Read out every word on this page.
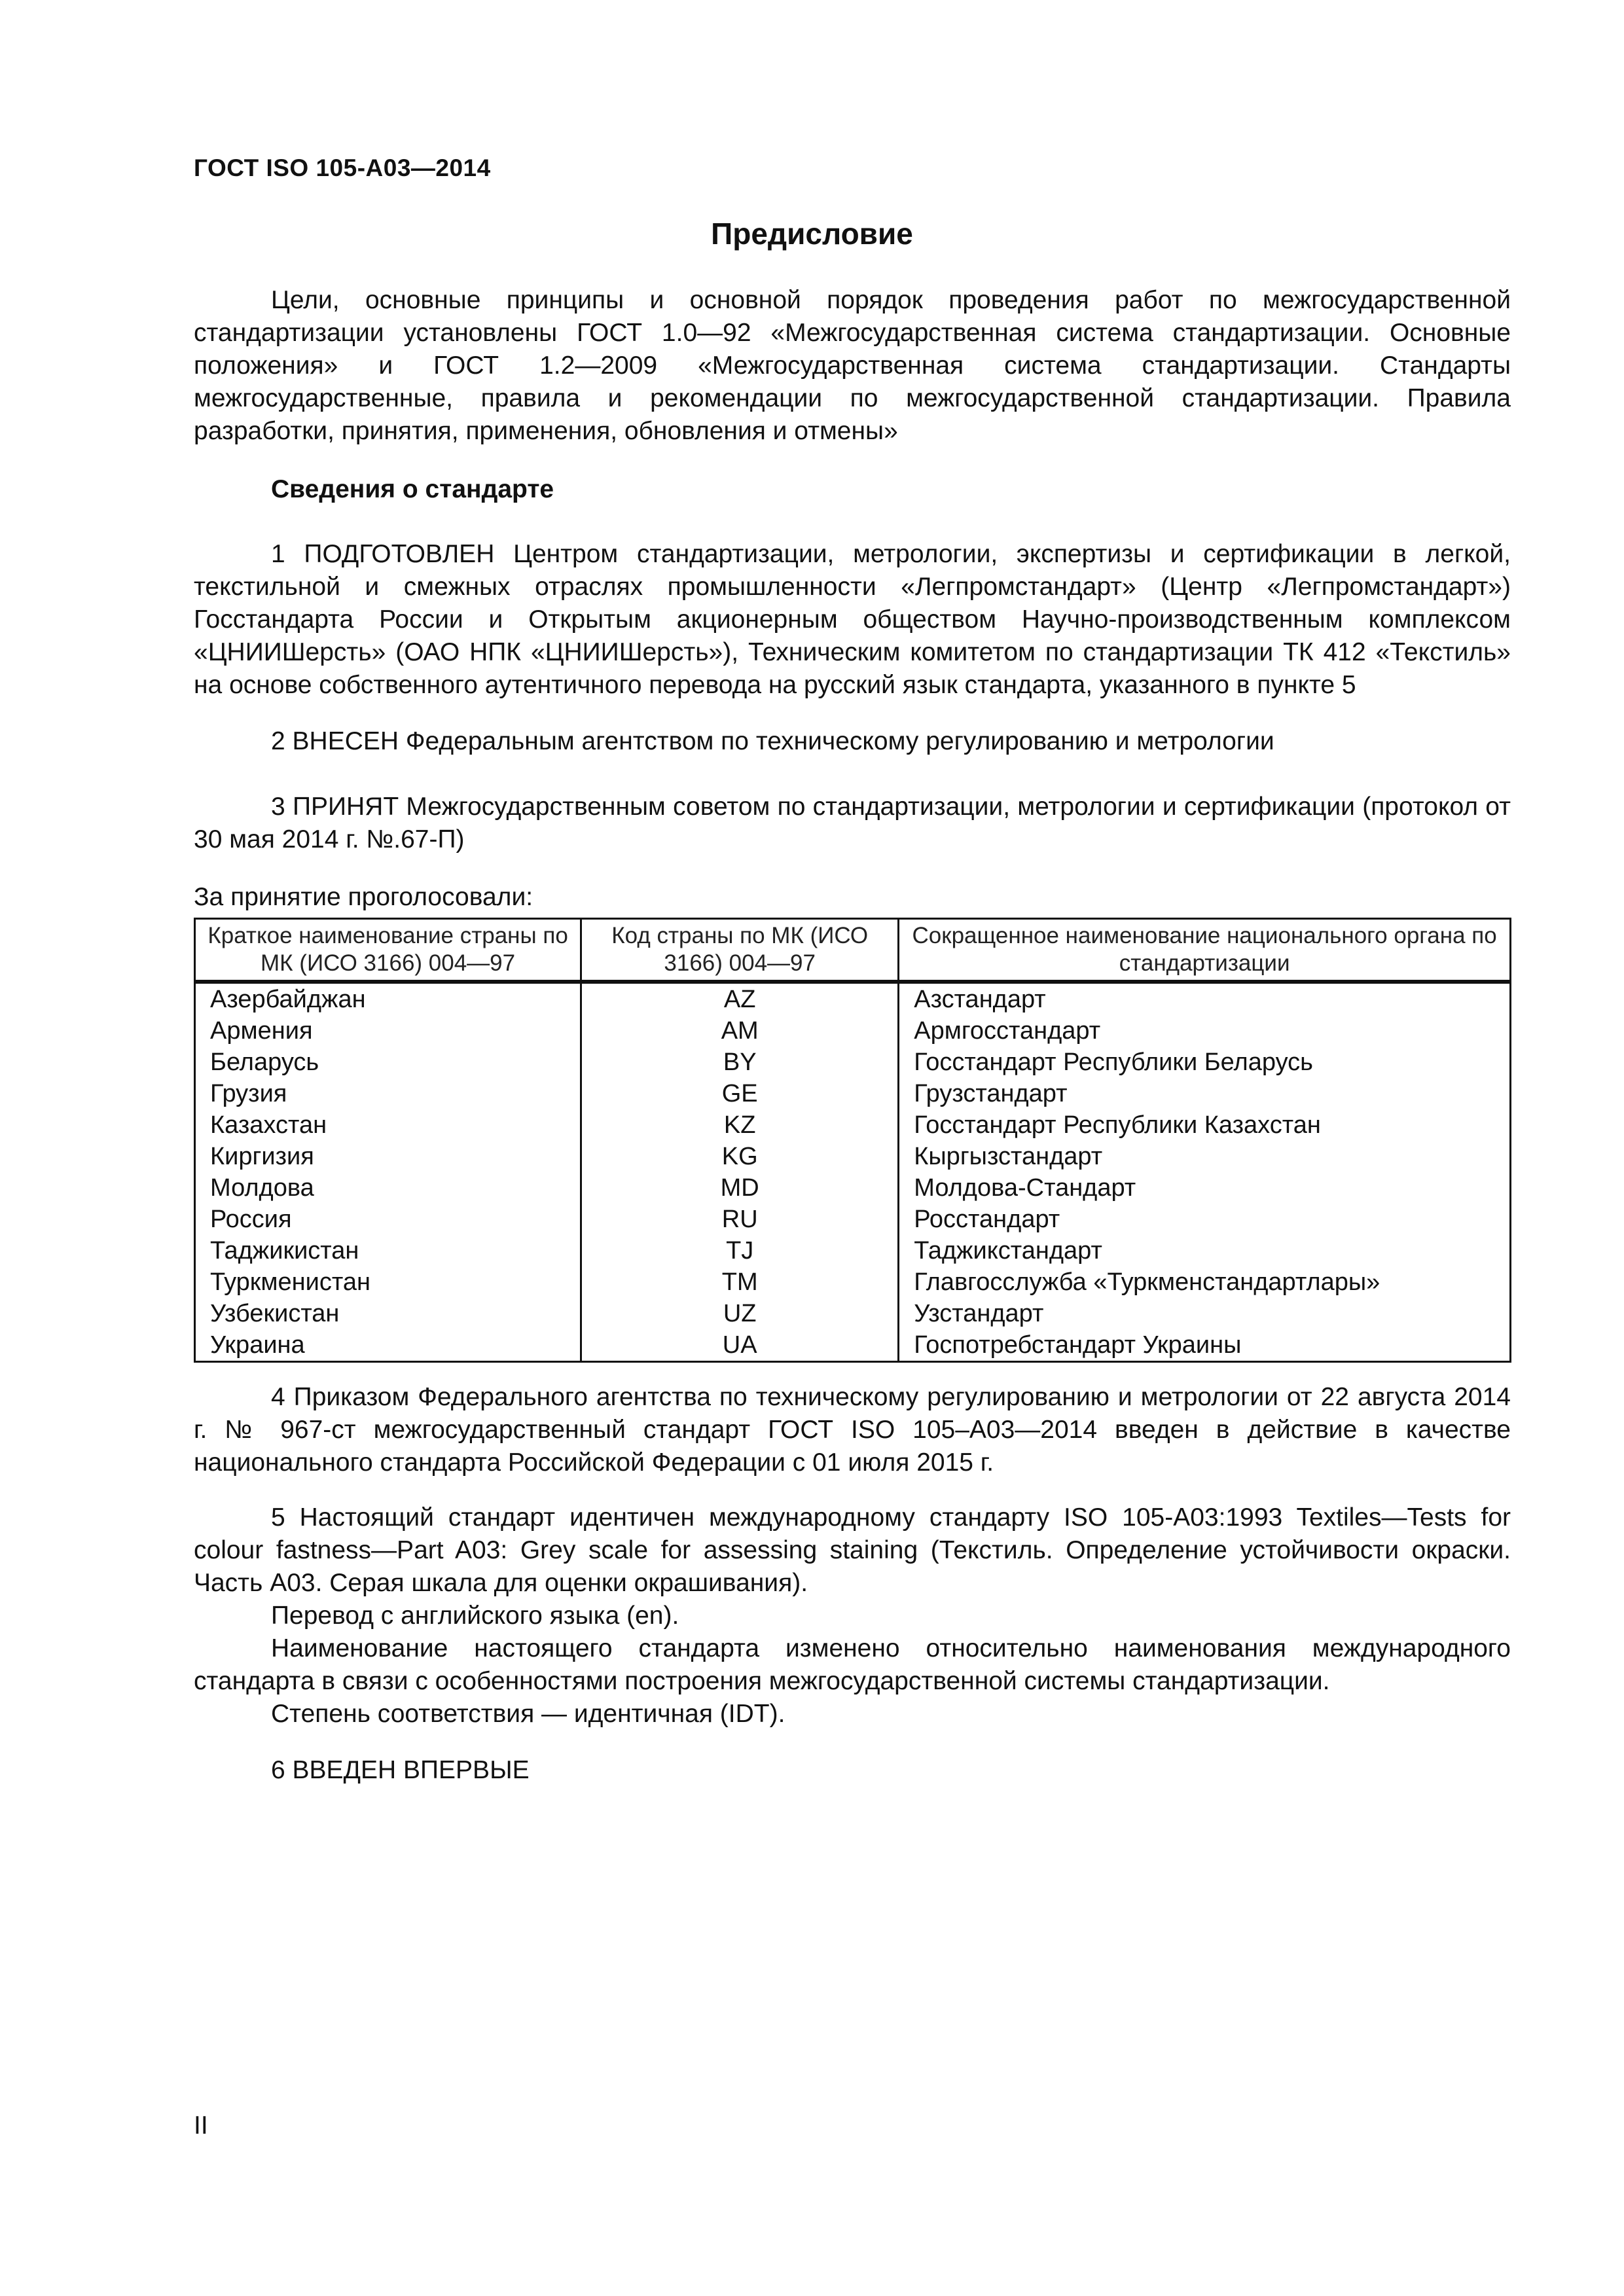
ГОСТ ISO 105-A03—2014
Предисловие

Цели, основные принципы и основной порядок проведения работ по межгосударственной стандартизации установлены ГОСТ 1.0—92 «Межгосударственная система стандартизации. Основные положения» и ГОСТ 1.2—2009 «Межгосударственная система стандартизации. Стандарты межгосударственные, правила и рекомендации по межгосударственной стандартизации. Правила разработки, принятия, применения, обновления и отмены»

Сведения о стандарте

1 ПОДГОТОВЛЕН Центром стандартизации, метрологии, экспертизы и сертификации в легкой, текстильной и смежных отраслях промышленности «Легпромстандарт» (Центр «Легпромстандарт») Госстандарта России и Открытым акционерным обществом Научно-производственным комплексом «ЦНИИШерсть» (ОАО НПК «ЦНИИШерсть»), Техническим комитетом по стандартизации ТК 412 «Текстиль» на основе собственного аутентичного перевода на русский язык стандарта, указанного в пункте 5

2 ВНЕСЕН Федеральным агентством по техническому регулированию и метрологии

3 ПРИНЯТ Межгосударственным советом по стандартизации, метрологии и сертификации (протокол от 30 мая 2014 г. №.67-П)

За принятие проголосовали:

Краткое наименование страны по МК (ИСО 3166) 004—97	Код страны по МК (ИСО 3166) 004—97	Сокращенное наименование национального органа по стандартизации
Азербайджан	AZ	Азстандарт
Армения	AM	Армгосстандарт
Беларусь	BY	Госстандарт Республики Беларусь
Грузия	GE	Грузстандарт
Казахстан	KZ	Госстандарт Республики Казахстан
Киргизия	KG	Кыргызстандарт
Молдова	MD	Молдова-Стандарт
Россия	RU	Росстандарт
Таджикистан	TJ	Таджикстандарт
Туркменистан	TM	Главгосслужба «Туркменстандартлары»
Узбекистан	UZ	Узстандарт
Украина	UA	Госпотребстандарт Украины

4 Приказом Федерального агентства по техническому регулированию и метрологии от 22 августа 2014 г. № 967-ст межгосударственный стандарт ГОСТ ISO 105–A03—2014 введен в действие в качестве национального стандарта Российской Федерации с 01 июля 2015 г.

5 Настоящий стандарт идентичен международному стандарту ISO 105-A03:1993 Textiles—Tests for colour fastness—Part A03: Grey scale for assessing staining (Текстиль. Определение устойчивости окраски. Часть А03. Серая шкала для оценки окрашивания).

Перевод с английского языка (en).

Наименование настоящего стандарта изменено относительно наименования международного стандарта в связи с особенностями построения межгосударственной системы стандартизации.

Степень соответствия — идентичная (IDT).

6 ВВЕДЕН ВПЕРВЫЕ

II
